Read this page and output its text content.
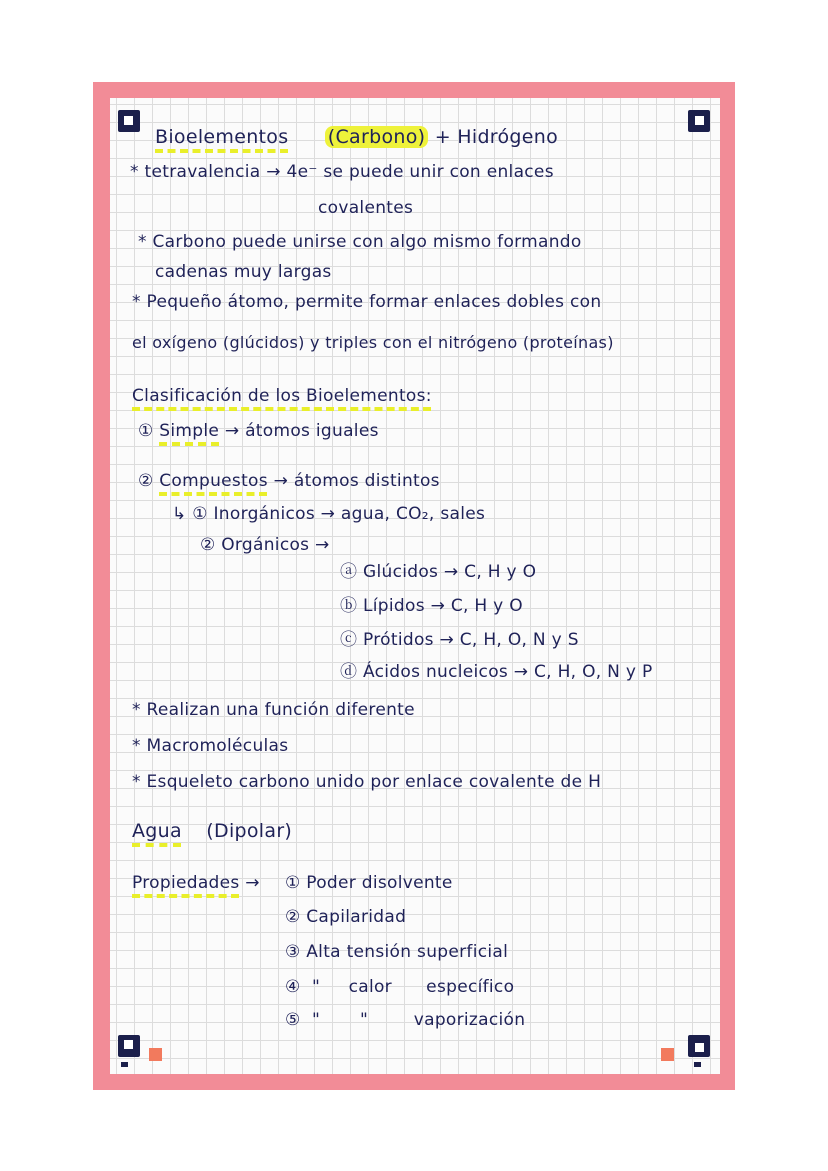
Bioelementos (Carbono) + Hidrógeno
* tetravalencia → 4e⁻ se puede unir con enlaces
covalentes
* Carbono puede unirse con algo mismo formando
cadenas muy largas
* Pequeño átomo, permite formar enlaces dobles con
el oxígeno (glúcidos) y triples con el nitrógeno (proteínas)
Clasificación de los Bioelementos:
① Simple → átomos iguales
② Compuestos → átomos distintos
↳ ① Inorgánicos → agua, CO₂, sales
② Orgánicos →
ⓐ Glúcidos → C, H y O
ⓑ Lípidos → C, H y O
ⓒ Prótidos → C, H, O, N y S
ⓓ Ácidos nucleicos → C, H, O, N y P
* Realizan una función diferente
* Macromoléculas
* Esqueleto carbono unido por enlace covalente de H
Agua (Dipolar)
Propiedades → ① Poder disolvente
② Capilaridad
③ Alta tensión superficial
④  "     calor      específico
⑤  "       "        vaporización
